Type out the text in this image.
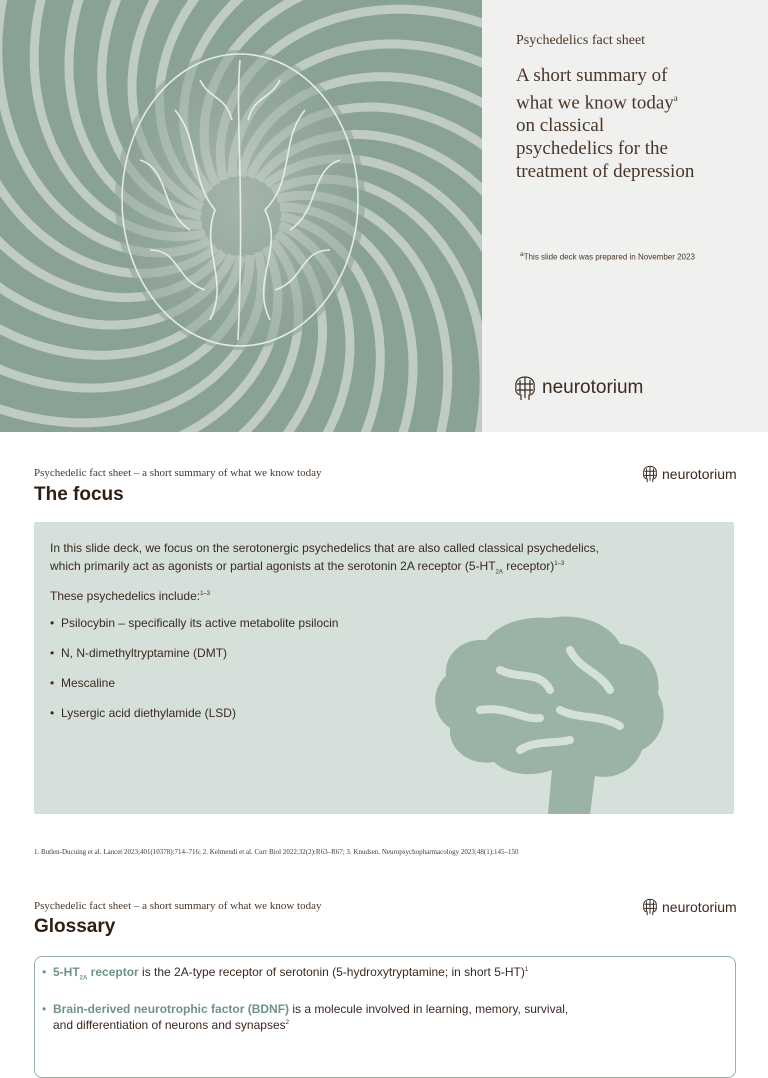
Psychedelics fact sheet
A short summary of
what we know today$^a$
on classical
psychedelics for the
treatment of depression
$^a$This slide deck was prepared in November 2023
neurotorium
Psychedelic fact sheet – a short summary of what we know today
The focus
neurotorium
In this slide deck, we focus on the serotonergic psychedelics that are also called classical psychedelics,
which primarily act as agonists or partial agonists at the serotonin 2A receptor ($5-HT_{2A}$ receptor)$^{1-3}$
These psychedelics include:$^{1-3}$
• Psilocybin – specifically its active metabolite psilocin
• N, N-dimethyltryptamine (DMT)
• Mescaline
• Lysergic acid diethylamide (LSD)
1. Butlen-Ducuing et al. Lancet 2023;401(10378):714–716; 2. Kelmendi et al. Curr Biol 2022;32(2):R63–R67; 3. Knudsen. Neuropsychopharmacology 2023;48(1):145–150
Psychedelic fact sheet – a short summary of what we know today
Glossary
neurotorium
• $5-HT_{2A}$ receptor is the 2A-type receptor of serotonin (5-hydroxytryptamine; in short 5-HT)$^1$
• Brain-derived neurotrophic factor (BDNF) is a molecule involved in learning, memory, survival,
and differentiation of neurons and synapses$^2$
